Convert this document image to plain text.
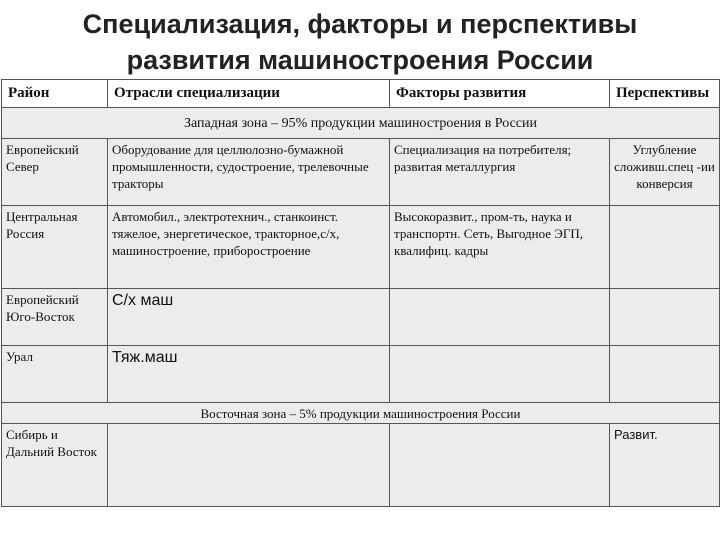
Специализация, факторы и перспективы
развития машиностроения России
Район	Отрасли специализации	Факторы развития	Перспективы
Западная зона – 95% продукции машиностроения в России			
Европейский Север	Оборудование для целлюлозно-бумажной промышленности, судостроение, трелевочные тракторы	Специализация на потребителя; развитая металлургия	Углубление сложивш.спец -ии конверсия
Центральная Россия	Автомобил., электротехнич., станкоинст. тяжелое, энергетическое, тракторное,с/х, машиностроение, приборостроение	Высокоразвит., пром-ть, наука и транспортн. Сеть, Выгодное ЭГП, квалифиц. кадры	
Европейский Юго-Восток	С/х маш		
Урал	Тяж.маш		
Восточная зона – 5% продукции машиностроения России			
Сибирь и Дальний Восток			Развит.
